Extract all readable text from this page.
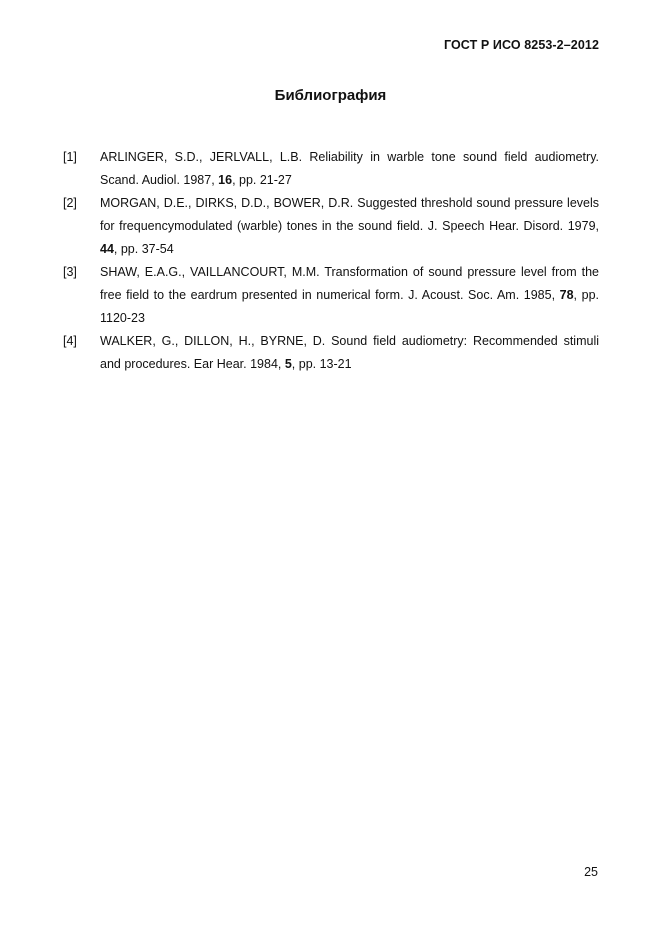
ГОСТ Р ИСО 8253-2–2012
Библиография
[1]	ARLINGER, S.D., JERLVALL, L.B. Reliability in warble tone sound field audiometry. Scand. Audiol. 1987, 16, pp. 21-27
[2]	MORGAN, D.E., DIRKS, D.D., BOWER, D.R. Suggested threshold sound pressure levels for frequencymodulated (warble) tones in the sound field. J. Speech Hear. Disord. 1979, 44, pp. 37-54
[3]	SHAW, E.A.G., VAILLANCOURT, M.M. Transformation of sound pressure level from the free field to the eardrum presented in numerical form. J. Acoust. Soc. Am. 1985, 78, pp. 1120-23
[4]	WALKER, G., DILLON, H., BYRNE, D. Sound field audiometry: Recommended stimuli and procedures. Ear Hear. 1984, 5, pp. 13-21
25
